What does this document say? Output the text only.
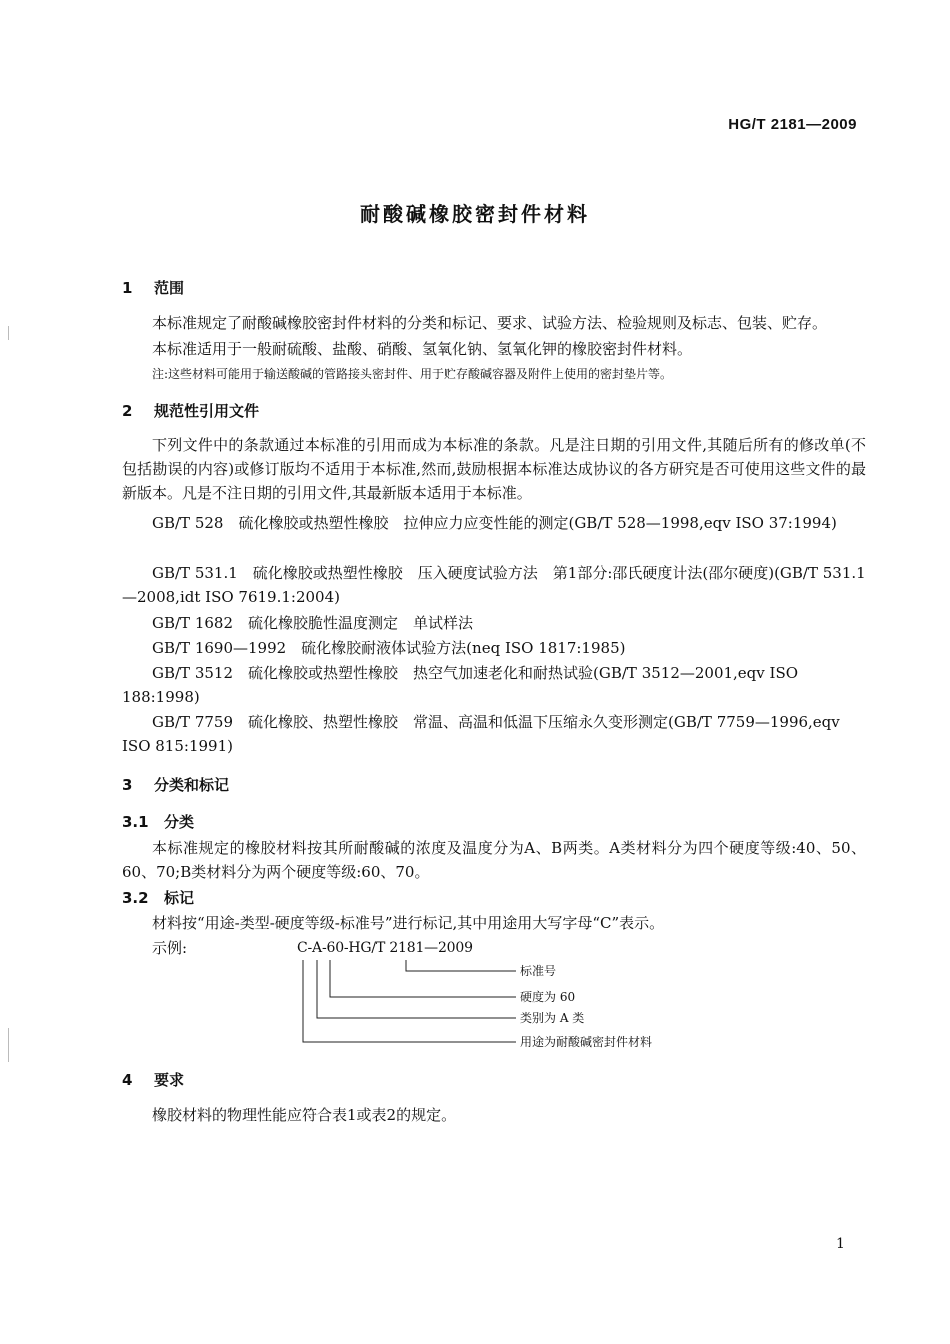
HG/T 2181—2009
耐酸碱橡胶密封件材料
1 范围
本标准规定了耐酸碱橡胶密封件材料的分类和标记、要求、试验方法、检验规则及标志、包装、贮存。
本标准适用于一般耐硫酸、盐酸、硝酸、氢氧化钠、氢氧化钾的橡胶密封件材料。
注:这些材料可能用于输送酸碱的管路接头密封件、用于贮存酸碱容器及附件上使用的密封垫片等。
2 规范性引用文件
下列文件中的条款通过本标准的引用而成为本标准的条款。凡是注日期的引用文件,其随后所有的修改单(不包括勘误的内容)或修订版均不适用于本标准,然而,鼓励根据本标准达成协议的各方研究是否可使用这些文件的最新版本。凡是不注日期的引用文件,其最新版本适用于本标准。
GB/T 528　硫化橡胶或热塑性橡胶　拉伸应力应变性能的测定(GB/T 528—1998,eqv ISO 37:1994)
GB/T 531.1　硫化橡胶或热塑性橡胶　压入硬度试验方法　第1部分:邵氏硬度计法(邵尔硬度)(GB/T 531.1—2008,idt ISO 7619.1:2004)
GB/T 1682　硫化橡胶脆性温度测定　单试样法
GB/T 1690—1992　硫化橡胶耐液体试验方法(neq ISO 1817:1985)
GB/T 3512　硫化橡胶或热塑性橡胶　热空气加速老化和耐热试验(GB/T 3512—2001,eqv ISO 188:1998)
GB/T 7759　硫化橡胶、热塑性橡胶　常温、高温和低温下压缩永久变形测定(GB/T 7759—1996,eqv ISO 815:1991)
3 分类和标记
3.1 分类
本标准规定的橡胶材料按其所耐酸碱的浓度及温度分为A、B两类。A类材料分为四个硬度等级:40、50、60、70;B类材料分为两个硬度等级:60、70。
3.2 标记
材料按“用途-类型-硬度等级-标准号”进行标记,其中用途用大写字母“C”表示。
示例:	C-A-60-HG/T 2181—2009
标准号
硬度为 60
类别为 A 类
用途为耐酸碱密封件材料
4 要求
橡胶材料的物理性能应符合表1或表2的规定。
1
